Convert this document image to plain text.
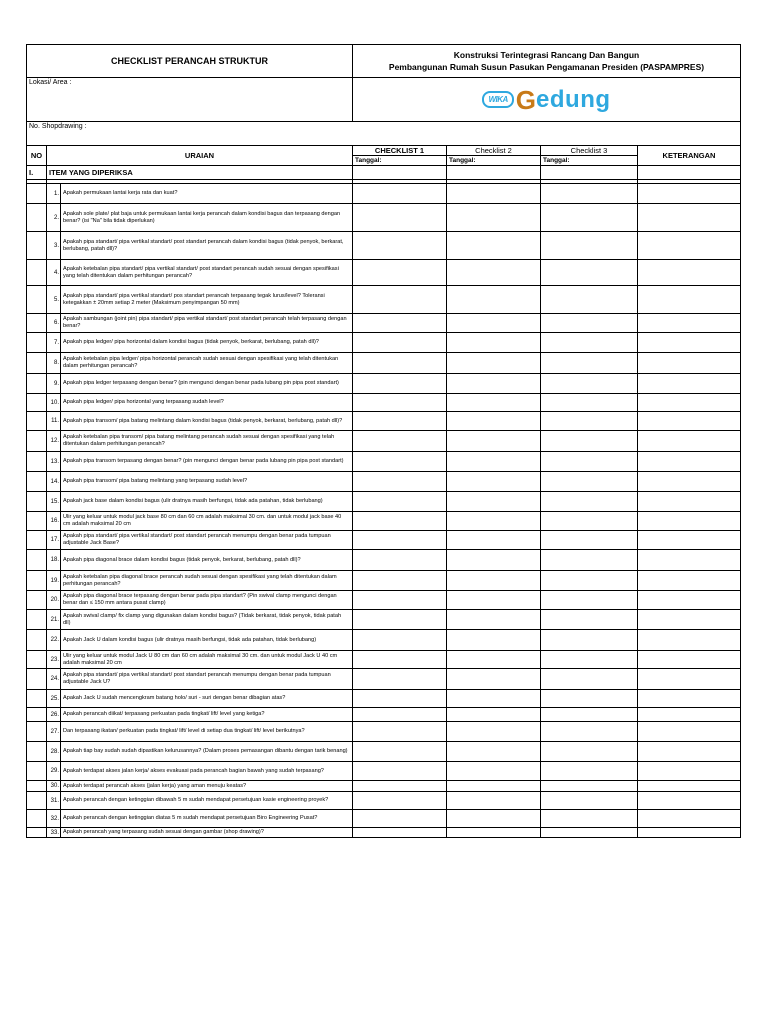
CHECKLIST PERANCAH STRUKTUR			Konstruksi Terintegrasi Rancang Dan Bangun
Pembangunan Rumah Susun Pasukan Pengamanan Presiden (PASPAMPRES)			

Lokasi/ Area :			WIKA Gedung			
No. Shopdrawing :						
NO	URAIAN		CHECKLIST 1	Checklist 2	Checklist 3	KETERANGAN
			Tanggal:	Tanggal:	Tanggal:	
I.	ITEM YANG DIPERIKSA					

	1.	Apakah permukaan lantai kerja rata dan kuat?				
	2.	Apakah sole plate/ plat baja untuk permukaan lantai kerja perancah dalam kondisi bagus dan terpasang dengan benar? (isi "Na" bila tidak diperlukan)				
	3.	Apakah pipa standart/ pipa vertikal standart/ post standart perancah dalam kondisi bagus (tidak penyok, berkarat, berlubang, patah dll)?				
	4.	Apakah ketebalan pipa standart/ pipa vertikal standart/ post standart perancah sudah sesuai dengan spesifikasi yang telah ditentukan dalam perhitungan perancah?				
	5.	Apakah pipa standart/ pipa vertikal standart/ pos standart perancah terpasang tegak lurus/level? Toleransi ketegakkan ± 20mm setiap 2 meter (Maksimum penyimpangan 50 mm)				
	6.	Apakah sambungan (joint pin) pipa standart/ pipa vertikal standart/ post standart perancah telah terpasang dengan benar?				
	7.	Apakah pipa ledger/ pipa horizontal dalam kondisi bagus (tidak penyok, berkarat, berlubang, patah dll)?				
	8.	Apakah ketebalan pipa ledger/ pipa horizontal perancah sudah sesuai dengan spesifikasi yang telah ditentukan dalam perhitungan perancah?				
	9.	Apakah pipa ledger terpasang dengan benar? (pin mengunci dengan benar pada lubang pin pipa post standart)				
	10.	Apakah pipa ledger/ pipa horizontal yang terpasang sudah level?				
	11.	Apakah pipa transom/ pipa batang melintang dalam kondisi bagus (tidak penyok, berkarat, berlubang, patah dll)?				
	12.	Apakah ketebalan pipa transom/ pipa batang melintang perancah sudah sesuai dengan spesifikasi yang telah ditentukan dalam perhitungan perancah?				
	13.	Apakah pipa transom terpasang dengan benar? (pin mengunci dengan benar pada lubang pin pipa post standart)				
	14.	Apakah pipa transom/ pipa batang melintang yang terpasang sudah level?				
	15.	Apakah jack base dalam kondisi bagus (ulir dratnya masih berfungsi, tidak ada patahan, tidak berlubang)				
	16.	Ulir yang keluar untuk modul jack base 80 cm dan 60 cm adalah maksimal 30 cm. dan untuk modul jack base 40 cm adalah maksimal 20 cm				
	17.	Apakah pipa standart/ pipa vertikal standart/ post standart perancah menumpu dengan benar pada tumpuan adjustable Jack Base?				
	18.	Apakah pipa diagonal brace dalam kondisi bagus (tidak penyok, berkarat, berlubang, patah dll)?				
	19.	Apakah ketebalan pipa diagonal brace perancah sudah sesuai dengan spesifikasi yang telah ditentukan dalam perhitungan perancah?				
	20.	Apakah pipa diagonal brace terpasang dengan benar pada pipa standart? (Pin swival clamp mengunci dengan benar dan ≤ 150 mm antara pusat clamp)				
	21.	Apakah swival clamp/ fix clamp yang digunakan dalam kondisi bagus? (Tidak berkarat, tidak penyok, tidak patah dll)				
	22.	Apakah Jack U dalam kondisi bagus (ulir dratnya masih berfungsi, tidak ada patahan, tidak berlubang)				
	23.	Ulir yang keluar untuk modul Jack U 80 cm dan 60 cm adalah maksimal 30 cm. dan untuk modul Jack U 40 cm adalah maksimal 20 cm				
	24.	Apakah pipa standart/ pipa vertikal standart/ post standart perancah menumpu dengan benar pada tumpuan adjustable Jack U?				
	25.	Apakah Jack U sudah mencengkram batang holo/ suri - suri dengan benar dibagian atas?				
	26.	Apakah perancah diikat/ terpasang perkuatan pada tingkat/ lift/ level yang ketiga?				
	27.	Dan terpasang ikatan/ perkuatan pada tingkat/ lift/ level di setiap dua tingkat/ lift/ level berikutnya?				
	28.	Apakah tiap bay sudah sudah dipastikan kelurusannya? (Dalam proses pemasangan dibantu dengan tarik benang)				
	29.	Apakah terdapat akses jalan kerja/ akses evakuasi pada perancah bagian bawah yang sudah terpasang?				
	30.	Apakah terdapat perancah akses (jalan kerja) yang aman menuju keatas?				
	31.	Apakah perancah dengan ketinggian dibawah 5 m sudah mendapat persetujuan kasie engineering proyek?				
	32.	Apakah perancah dengan ketinggian diatas 5 m sudah mendapat persetujuan Biro Engineering Pusat?				
	33.	Apakah perancah yang terpasang sudah sesuai dengan gambar (shop drawing)?				
